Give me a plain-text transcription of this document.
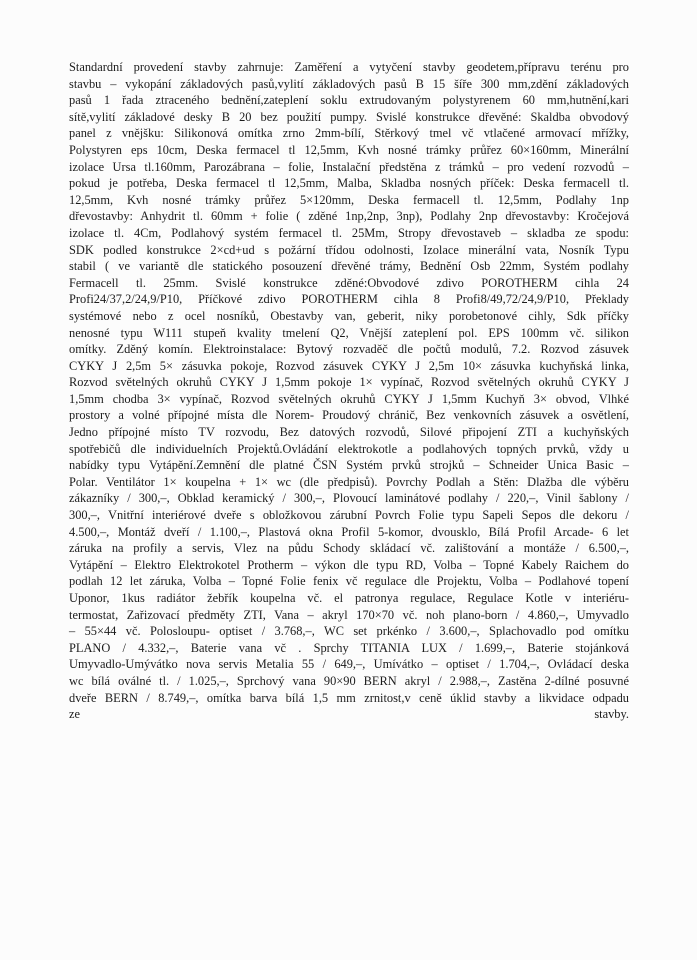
Standardní provedení stavby zahrnuje: Zaměření a vytyčení stavby geodetem,přípravu terénu pro
stavbu – vykopání základových pasů,vylití základových pasů B 15 šíře 300 mm,zdění základových
pasů 1 řada ztraceného bednění,zateplení soklu extrudovaným polystyrenem 60 mm,hutnění,kari
sítě,vylití základové desky B 20 bez použití pumpy. Svislé konstrukce dřevěné: Skaldba obvodový
panel z vnějšku: Silikonová omítka zrno 2mm-bílí, Stěrkový tmel vč vtlačené armovací mřížky,
Polystyren eps 10cm, Deska fermacel tl 12,5mm, Kvh nosné trámky průřez 60×160mm, Minerální
izolace Ursa tl.160mm, Parozábrana – folie, Instalační předstěna z trámků – pro vedení rozvodů –
pokud je potřeba, Deska fermacel tl 12,5mm, Malba, Skladba nosných příček: Deska fermacell tl.
12,5mm, Kvh nosné trámky průřez 5×120mm, Deska fermacell tl. 12,5mm, Podlahy 1np
dřevostavby: Anhydrit tl. 60mm + folie ( zděné 1np,2np, 3np), Podlahy 2np dřevostavby: Kročejová
izolace tl. 4Cm, Podlahový systém fermacel tl. 25Mm, Stropy dřevostaveb – skladba ze spodu:
SDK podled konstrukce 2×cd+ud s požární třídou odolnosti, Izolace minerální vata, Nosník Typu
stabil ( ve variantě dle statického posouzení dřevěné trámy, Bednění Osb 22mm, Systém podlahy
Fermacell tl. 25mm. Svislé konstrukce zděné:Obvodové zdivo POROTHERM cihla 24
Profi24/37,2/24,9/P10, Příčkové zdivo POROTHERM cihla 8 Profi8/49,72/24,9/P10, Překlady
systémové nebo z ocel nosníků, Obestavby van, geberit, niky porobetonové cihly, Sdk příčky
nenosné typu W111 stupeň kvality tmelení Q2, Vnější zateplení pol. EPS 100mm vč. silikon
omítky. Zděný komín. Elektroinstalace: Bytový rozvaděč dle počtů modulů, 7.2. Rozvod zásuvek
CYKY J 2,5m 5× zásuvka pokoje, Rozvod zásuvek CYKY J 2,5m 10× zásuvka kuchyňská linka,
Rozvod světelných okruhů CYKY J 1,5mm pokoje 1× vypínač, Rozvod světelných okruhů CYKY J
1,5mm chodba 3× vypínač, Rozvod světelných okruhů CYKY J 1,5mm Kuchyň 3× obvod, Vlhké
prostory a volné přípojné místa dle Norem- Proudový chránič, Bez venkovních zásuvek a osvětlení,
Jedno přípojné místo TV rozvodu, Bez datových rozvodů, Silové připojení ZTI a kuchyňských
spotřebičů dle individuelních Projektů.Ovládání elektrokotle a podlahových topných prvků, vždy u
nabídky typu Vytápění.Zemnění dle platné ČSN Systém prvků strojků – Schneider Unica Basic –
Polar. Ventilátor 1× koupelna + 1× wc (dle předpisů). Povrchy Podlah a Stěn: Dlažba dle výběru
zákazníky / 300,–, Obklad keramický / 300,–, Plovoucí laminátové podlahy / 220,–, Vinil šablony /
300,–, Vnitřní interiérové dveře s obložkovou zárubní Povrch Folie typu Sapeli Sepos dle dekoru /
4.500,–, Montáž dveří / 1.100,–, Plastová okna Profil 5-komor, dvousklo, Bílá Profil Arcade- 6 let
záruka na profily a servis, Vlez na půdu Schody skládací vč. zalištování a montáže / 6.500,–,
Vytápění – Elektro Elektrokotel Protherm – výkon dle typu RD, Volba – Topné Kabely Raichem do
podlah 12 let záruka, Volba – Topné Folie fenix vč regulace dle Projektu, Volba – Podlahové topení
Uponor, 1kus radiátor žebřík koupelna vč. el patronya regulace, Regulace Kotle v interiéru-
termostat, Zařizovací předměty ZTI, Vana – akryl 170×70 vč. noh plano-born / 4.860,–, Umyvadlo
– 55×44 vč. Polosloupu- optiset / 3.768,–, WC set prkénko / 3.600,–, Splachovadlo pod omítku
PLANO / 4.332,–, Baterie vana vč . Sprchy TITANIA LUX / 1.699,–, Baterie stojánková
Umyvadlo-Umývátko nova servis Metalia 55 / 649,–, Umívátko – optiset / 1.704,–, Ovládací deska
wc bílá oválné tl. / 1.025,–, Sprchový vana 90×90 BERN akryl / 2.988,–, Zastěna 2-dílné posuvné
dveře BERN / 8.749,–, omítka barva bílá 1,5 mm zrnitost,v ceně úklid stavby a likvidace odpadu
ze stavby.
